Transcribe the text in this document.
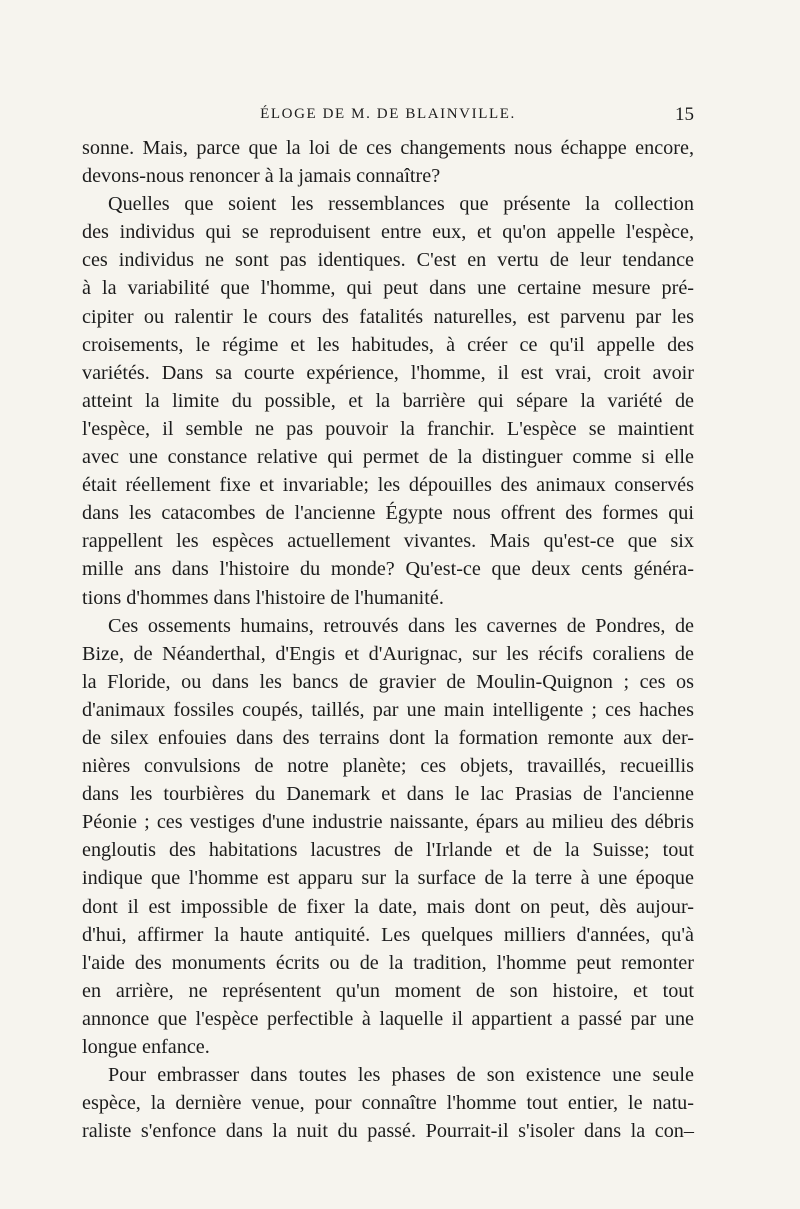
ÉLOGE DE M. DE BLAINVILLE.	15
sonne. Mais, parce que la loi de ces changements nous échappe encore,
devons-nous renoncer à la jamais connaître?
Quelles que soient les ressemblances que présente la collection
des individus qui se reproduisent entre eux, et qu'on appelle l'espèce,
ces individus ne sont pas identiques. C'est en vertu de leur tendance
à la variabilité que l'homme, qui peut dans une certaine mesure pré-
cipiter ou ralentir le cours des fatalités naturelles, est parvenu par les
croisements, le régime et les habitudes, à créer ce qu'il appelle des
variétés. Dans sa courte expérience, l'homme, il est vrai, croit avoir
atteint la limite du possible, et la barrière qui sépare la variété de
l'espèce, il semble ne pas pouvoir la franchir. L'espèce se maintient
avec une constance relative qui permet de la distinguer comme si elle
était réellement fixe et invariable; les dépouilles des animaux conservés
dans les catacombes de l'ancienne Égypte nous offrent des formes qui
rappellent les espèces actuellement vivantes. Mais qu'est-ce que six
mille ans dans l'histoire du monde? Qu'est-ce que deux cents généra-
tions d'hommes dans l'histoire de l'humanité.
Ces ossements humains, retrouvés dans les cavernes de Pondres, de
Bize, de Néanderthal, d'Engis et d'Aurignac, sur les récifs coraliens de
la Floride, ou dans les bancs de gravier de Moulin-Quignon ; ces os
d'animaux fossiles coupés, taillés, par une main intelligente ; ces haches
de silex enfouies dans des terrains dont la formation remonte aux der-
nières convulsions de notre planète; ces objets, travaillés, recueillis
dans les tourbières du Danemark et dans le lac Prasias de l'ancienne
Péonie ; ces vestiges d'une industrie naissante, épars au milieu des débris
engloutis des habitations lacustres de l'Irlande et de la Suisse; tout
indique que l'homme est apparu sur la surface de la terre à une époque
dont il est impossible de fixer la date, mais dont on peut, dès aujour-
d'hui, affirmer la haute antiquité. Les quelques milliers d'années, qu'à
l'aide des monuments écrits ou de la tradition, l'homme peut remonter
en arrière, ne représentent qu'un moment de son histoire, et tout
annonce que l'espèce perfectible à laquelle il appartient a passé par une
longue enfance.
Pour embrasser dans toutes les phases de son existence une seule
espèce, la dernière venue, pour connaître l'homme tout entier, le natu-
raliste s'enfonce dans la nuit du passé. Pourrait-il s'isoler dans la con–
